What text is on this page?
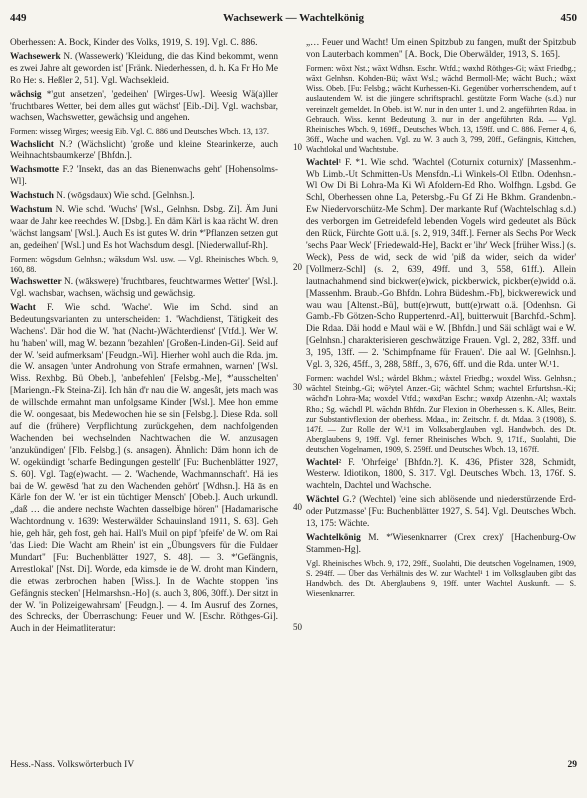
449	Wachsewerk — Wachtelkönig	450

Oberhessen: A. Bock, Kinder des Volks, 1919, S. 19]. Vgl. C. 886.

Wachsewerk N. (Wassewerk) 'Kleidung, die das Kind bekommt, wenn es zwei Jahre alt geworden ist' [Fränk. Niederhessen, d. h. Ka Fr Ho Me Ro He: s. Heßler 2, 51]. Vgl. Wachsekleid.

wächsig *'gut ansetzen', 'gedeihen' [Wirges-Uw]. Weesig Wä(a)ller 'fruchtbares Wetter, bei dem alles gut wächst' [Eib.-Di]. Vgl. wachsbar, wachsen, Wachswetter, gewächsig und angehen.

Formen: wisseg Wirges; weesig Eib. Vgl. C. 886 und Deutsches Wbch. 13, 137.

Wachslicht N.? (Wächslicht) 'große und kleine Stearinkerze, auch Weihnachtsbaumkerze' [Bhfdn.].

Wachsmotte F.? 'Insekt, das an das Bienenwachs geht' [Hohensolms-Wl].

Wachstuch N. (wōgsdaux) Wie schd. [Gelnhsn.].

Wachstum N. Wie schd. 'Wuchs' [Wsl., Gelnhsn. Dsbg. Zi]. Äm Juni waar de Jahr kee reechdes W. [Dsbg.]. En däm Kärl is kaa rächt W. dren 'wächst langsam' [Wsl.]. Auch Es ist gutes W. drin *'Pflanzen setzen gut an, gedeihen' [Wsl.] und Es hot Wachsdum desgl. [Niederwalluf-Rh].

Formen: wōgsdum Gelnhsn.; wāksdum Wsl. usw. — Vgl. Rheinisches Wbch. 9, 160, 88.

Wachswetter N. (wāksweṛe) 'fruchtbares, feuchtwarmes Wetter' [Wsl.]. Vgl. wachsbar, wachsen, wächsig und gewächsig.

Wacht F. Wie schd. 'Wache'. Wie im Schd. sind an Bedeutungsvarianten zu unterscheiden: 1. 'Wachdienst, Tätigkeit des Wachens'. Där hod die W. 'hat (Nacht-)Wächterdienst' [Vtfd.]. Wer W. hu 'haben' will, mag W. bezann 'bezahlen' [Großen-Linden-Gi]. Seid auf der W. 'seid aufmerksam' [Feudgn.-Wi]. Hierher wohl auch die Rda. jm. die W. ansagen 'unter Androhung von Strafe ermahnen, warnen' [Wsl. Wiss. Rexhbg. Bü Obeb.], 'anbefehlen' [Felsbg.-Me], *'ausschelten' [Mariengn.-Fk Steina-Zi]. Ich hän d'r nau die W. angesât, jets mach was de willschde ermahnt man unfolgsame Kinder [Wsl.]. Mee hon emme die W. oongesaat, bis Medewochen hie se sin [Felsbg.]. Diese Rda. soll auf die (frühere) Verpflichtung zurückgehen, dem nachfolgenden Wachenden bei wechselnden Nachtwachen die W. anzusagen 'anzukündigen' [Flb. Felsbg.] (s. ansagen). Ähnlich: Däm honn ich de W. ogekündigt 'scharfe Bedingungen gestellt' [Fu: Buchenblätter 1927, S. 60]. Vgl. Tag(e)wacht. — 2. 'Wachende, Wachmannschaft'. Hä ies bai de W. gewēsd 'hat zu den Wachenden gehört' [Wdhsn.]. Hā ās en Kärle fon der W. 'er ist ein tüchtiger Mensch' [Obeb.]. Auch urkundl. „daß … die andere nechste Wachten dasselbige hören" [Hadamarische Wachtordnung v. 1639: Westerwälder Schauinsland 1911, S. 63]. Geh hie, geh här, geh fost, geh hai. Hall's Muil on pipf 'pfeife' de W. om Rai 'das Lied: Die Wacht am Rhein' ist ein „Übungsvers für die Fuldaer Mundart" [Fu: Buchenblätter 1927, S. 48]. — 3. *'Gefängnis, Arrestlokal' [Nst. Di]. Worde, eda kimsde ie de W. droht man Kindern, die etwas zerbrochen haben [Wiss.]. In de Wachte stoppen 'ins Gefängnis stecken' [Helmarshsn.-Ho] (s. auch 3, 806, 30ff.). Der sitzt in der W. 'in Polizeigewahrsam' [Feudgn.]. — 4. Im Ausruf des Zornes, des Schrecks, der Überraschung: Feuer und W. [Eschr. Röthges-Gi]. Auch in der Heimatliteratur:

10
20
30
40
50

„… Feuer und Wacht! Um einen Spitzbub zu fangen, mußt der Spitzbub von Lauterbach kommen" [A. Bock, Die Oberwälder, 1913, S. 165].

Formen: wōxt Nst.; wāxt Wdhsn. Eschr. Wtfd.; wøxhd Röthges-Gi; wāxt Friedbg.; wāxt Gelnhsn. Kohden-Bü; wāxt Wsl.; wāchd Bermoll-Me; wācht Buch.; wāxt Wiss. Obeb. [Fu: Felsbg.; wācht Kurhessen-Ki. Gegenüber vorherrschendem, auf t auslautendem W. ist die jüngere schriftsprachl. gestützte Form Wache (s.d.) nur vereinzelt gemeldet. In Obeb. ist W. nur in den unter 1. und 2. angeführten Rdaa. in Gebrauch. Wiss. kennt Bedeutung 3. nur in der angeführten Rda. — Vgl. Rheinisches Wbch. 9, 169ff., Deutsches Wbch. 13, 159ff. und C. 886. Ferner 4, 6, 36ff., Wache und wachen. Vgl. zu W. 3 auch 3, 799, 20ff., Gefängnis, Kittchen, Wachtlokal und Wachtstube.

Wachtel¹ F. *1. Wie schd. 'Wachtel (Coturnix coturnix)' [Massenhm.-Wb Limb.-Ut Schmitten-Us Mensfdn.-Li Winkels-Ol Etlbn. Odenhsn.-Wl Ow Di Bi Lohra-Ma Ki Wi Afoldern-Ed Rho. Wolfhgn. Lgsbd. Ge Schl, Oberhessen ohne La, Petersbg.-Fu Gf Zi He Bkhm. Grandenbn.-Ew Niedervorschütz-Me Schm]. Der markante Ruf (Wachtelschlag s.d.) des verborgen im Getreidefeld lebenden Vogels wird gedeutet als Bück den Rück, Fürchte Gott u.ä. [s. 2, 919, 34ff.]. Ferner als Sechs Por Weck 'sechs Paar Weck' [Friedewald-He], Backt er 'ihr' Weck [früher Wiss.] (s. Weck), Pess de wid, seck de wid 'piß da wider, seich da wider' [Vollmerz-Schl] (s. 2, 639, 49ff. und 3, 558, 61ff.). Allein lautnachahmend sind bickwer(e)wick, pickberwick, pickber(e)widd o.ä. [Massenhm. Braub.-Go Bhfdn. Lohra Büdeshm.-Fb], bickwerewick und wau wau [Altenst.-Bü], butt(e)rwutt, butt(e)rwatt o.ä. [Odenhsn. Gi Gamb.-Fb Götzen-Scho Ruppertenrd.-Al], buitterwuit [Barchfd.-Schm]. Die Rdaa. Däi hodd e Maul wäi e W. [Bhfdn.] und Säi schlägt wai e W. [Gelnhsn.] charakterisieren geschwätzige Frauen. Vgl. 2, 282, 33ff. und 3, 195, 13ff. — 2. 'Schimpfname für Frauen'. Die aal W. [Gelnhsn.]. Vgl. 3, 326, 45ff., 3, 288, 58ff., 3, 676, 6ff. und die Rda. unter W.¹1.

Formen: wachdel Wsl.; wårdel Bkhm.; wåxtel Friedbg.; woxdel Wiss. Gelnhsn.; wāchtel Steinbg.-Gi; wō²ytel Anzer.-Gi; wāchtel Schm; wachtel Erfurtshsn.-Ki; wāchd'n Lohra-Ma; woxdel Vtfd.; wøxd²an Eschr.; wøxdp Atzenhn.-Al; waxtəls Rho.; Sg. wāchdl Pl. wāchdn Bhfdn. Zur Flexion in Oberhessen s. K. Alles, Beitr. zur Substantivflexion der oberhess. Mdaa., in: Zeitschr. f. dt. Mdaa. 3 (1908), S. 147f. — Zur Rolle der W.¹1 im Volksaberglauben vgl. Handwbch. des Dt. Aberglaubens 9, 19ff. Vgl. ferner Rheinisches Wbch. 9, 171f., Suolahti, Die deutschen Vogelnamen, 1909, S. 259ff. und Deutsches Wbch. 13, 167ff.

Wachtel² F. 'Ohrfeige' [Bhfdn.?]. K. 436, Pfister 328, Schmidt, Westerw. Idiotikon, 1800, S. 317. Vgl. Deutsches Wbch. 13, 176f. S. wachteln, Dachtel und Wachsche.

Wächtel G.? (Wechtel) 'eine sich ablösende und niederstürzende Erd- oder Putzmasse' [Fu: Buchenblätter 1927, S. 54]. Vgl. Deutsches Wbch. 13, 175: Wächte.

Wachtelkönig M. *'Wiesenknarrer (Crex crex)' [Hachenburg-Ow Stammen-Hg].

Vgl. Rheinisches Wbch. 9, 172, 29ff., Suolahti, Die deutschen Vogelnamen, 1909, S. 294ff. — Über das Verhältnis des W. zur Wachtel¹ 1 im Volksglauben gibt das Handwbch. des Dt. Aberglaubens 9, 19ff. unter Wachtel Auskunft. — S. Wiesenknarrer.

Hess.-Nass. Volkswörterbuch IV	29
